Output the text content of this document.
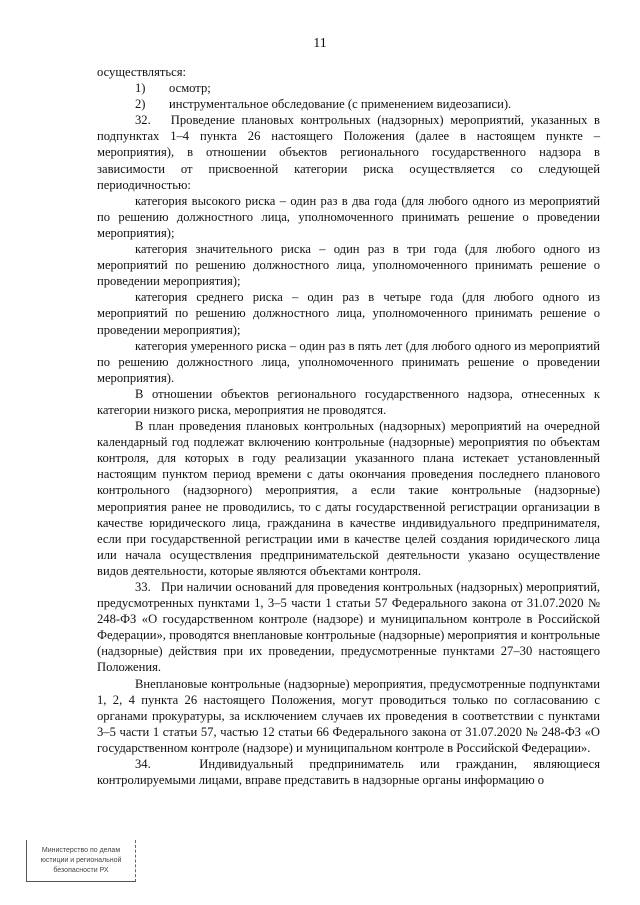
11

осуществляться:

1)	осмотр;
2)	инструментальное обследование (с применением видеозаписи).

32.   Проведение плановых контрольных (надзорных) мероприятий, указанных в подпунктах 1–4 пункта 26 настоящего Положения (далее в настоящем пункте – мероприятия), в отношении объектов регионального государственного надзора в зависимости от присвоенной категории риска осуществляется со следующей периодичностью:

категория высокого риска – один раз в два года (для любого одного из мероприятий по решению должностного лица, уполномоченного принимать решение о проведении мероприятия);

категория значительного риска – один раз в три года (для любого одного из мероприятий по решению должностного лица, уполномоченного принимать решение о проведении мероприятия);

категория среднего риска – один раз в четыре года (для любого одного из мероприятий по решению должностного лица, уполномоченного принимать решение о проведении мероприятия);

категория умеренного риска – один раз в пять лет (для любого одного из мероприятий по решению должностного лица, уполномоченного принимать решение о проведении мероприятия).

В отношении объектов регионального государственного надзора, отнесенных к категории низкого риска, мероприятия не проводятся.

В план проведения плановых контрольных (надзорных) мероприятий на очередной календарный год подлежат включению контрольные (надзорные) мероприятия по объектам контроля, для которых в году реализации указанного плана истекает установленный настоящим пунктом период времени с даты окончания проведения последнего планового контрольного (надзорного) мероприятия, а если такие контрольные (надзорные) мероприятия ранее не проводились, то с даты государственной регистрации организации в качестве юридического лица, гражданина в качестве индивидуального предпринимателя, если при государственной регистрации ими в качестве целей создания юридического лица или начала осуществления предпринимательской деятельности указано осуществление видов деятельности, которые являются объектами контроля.

33.   При наличии оснований для проведения контрольных (надзорных) мероприятий, предусмотренных пунктами 1, 3–5 части 1 статьи 57 Федерального закона от 31.07.2020 № 248-ФЗ «О государственном контроле (надзоре) и муниципальном контроле в Российской Федерации», проводятся внеплановые контрольные (надзорные) мероприятия и контрольные (надзорные) действия при их проведении, предусмотренные пунктами 27–30 настоящего Положения.

Внеплановые контрольные (надзорные) мероприятия, предусмотренные подпунктами 1, 2, 4 пункта 26 настоящего Положения, могут проводиться только по согласованию с органами прокуратуры, за исключением случаев их проведения в соответствии с пунктами 3–5 части 1 статьи 57, частью 12 статьи 66 Федерального закона от 31.07.2020 № 248-ФЗ «О государственном контроле (надзоре) и муниципальном контроле в Российской Федерации».

34.   Индивидуальный предприниматель или гражданин, являющиеся контролируемыми лицами, вправе представить в надзорные органы информацию о

Министерство по делам
юстиции и региональной
безопасности РХ
